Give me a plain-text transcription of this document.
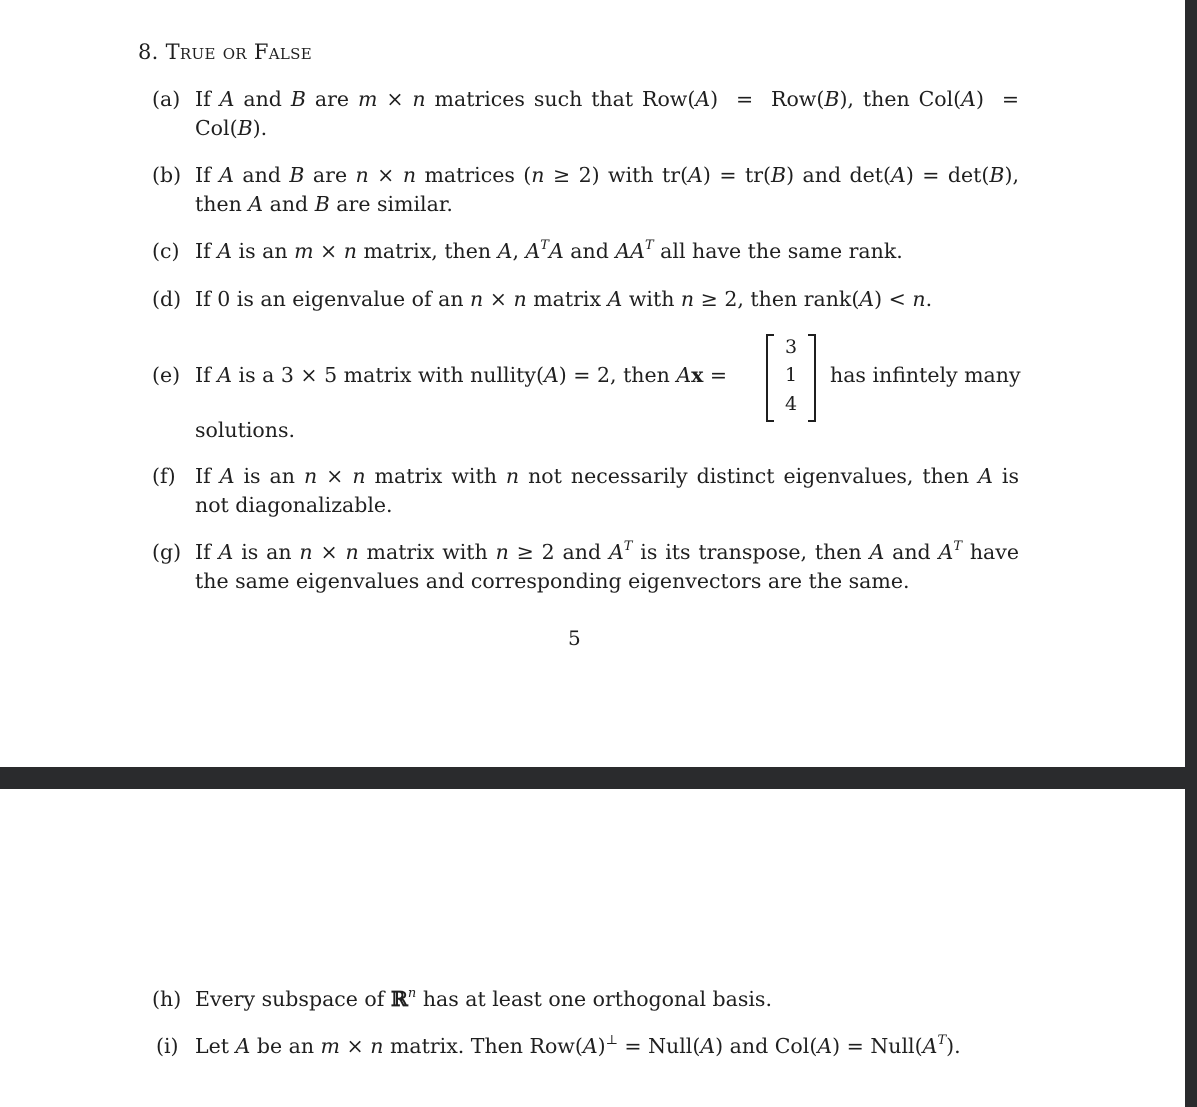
8. True or False
(a) If A and B are m × n matrices such that Row(A)  =  Row(B), then Col(A)  = Col(B).
(b) If A and B are n × n matrices (n ≥ 2) with tr(A) = tr(B) and det(A) = det(B), then A and B are similar.
(c) If A is an m × n matrix, then A, $A^TA$ and $AA^T$ all have the same rank.
(d) If 0 is an eigenvalue of an n × n matrix A with n ≥ 2, then rank(A) < n.
(e) If A is a 3 × 5 matrix with nullity(A) = 2, then Ax =	has infintely many
3
1
4
solutions.
(f) If A is an n × n matrix with n not necessarily distinct eigenvalues, then A is not diagonalizable.
(g) If A is an n × n matrix with n ≥ 2 and $A^T$ is its transpose, then A and $A^T$ have the same eigenvalues and corresponding eigenvectors are the same.
5
(h) Every subspace of ℝ$^n$ has at least one orthogonal basis.
(i) Let A be an m × n matrix. Then Row(A)⊥ = Null(A) and $Col(A) = Null(A^T)$.
